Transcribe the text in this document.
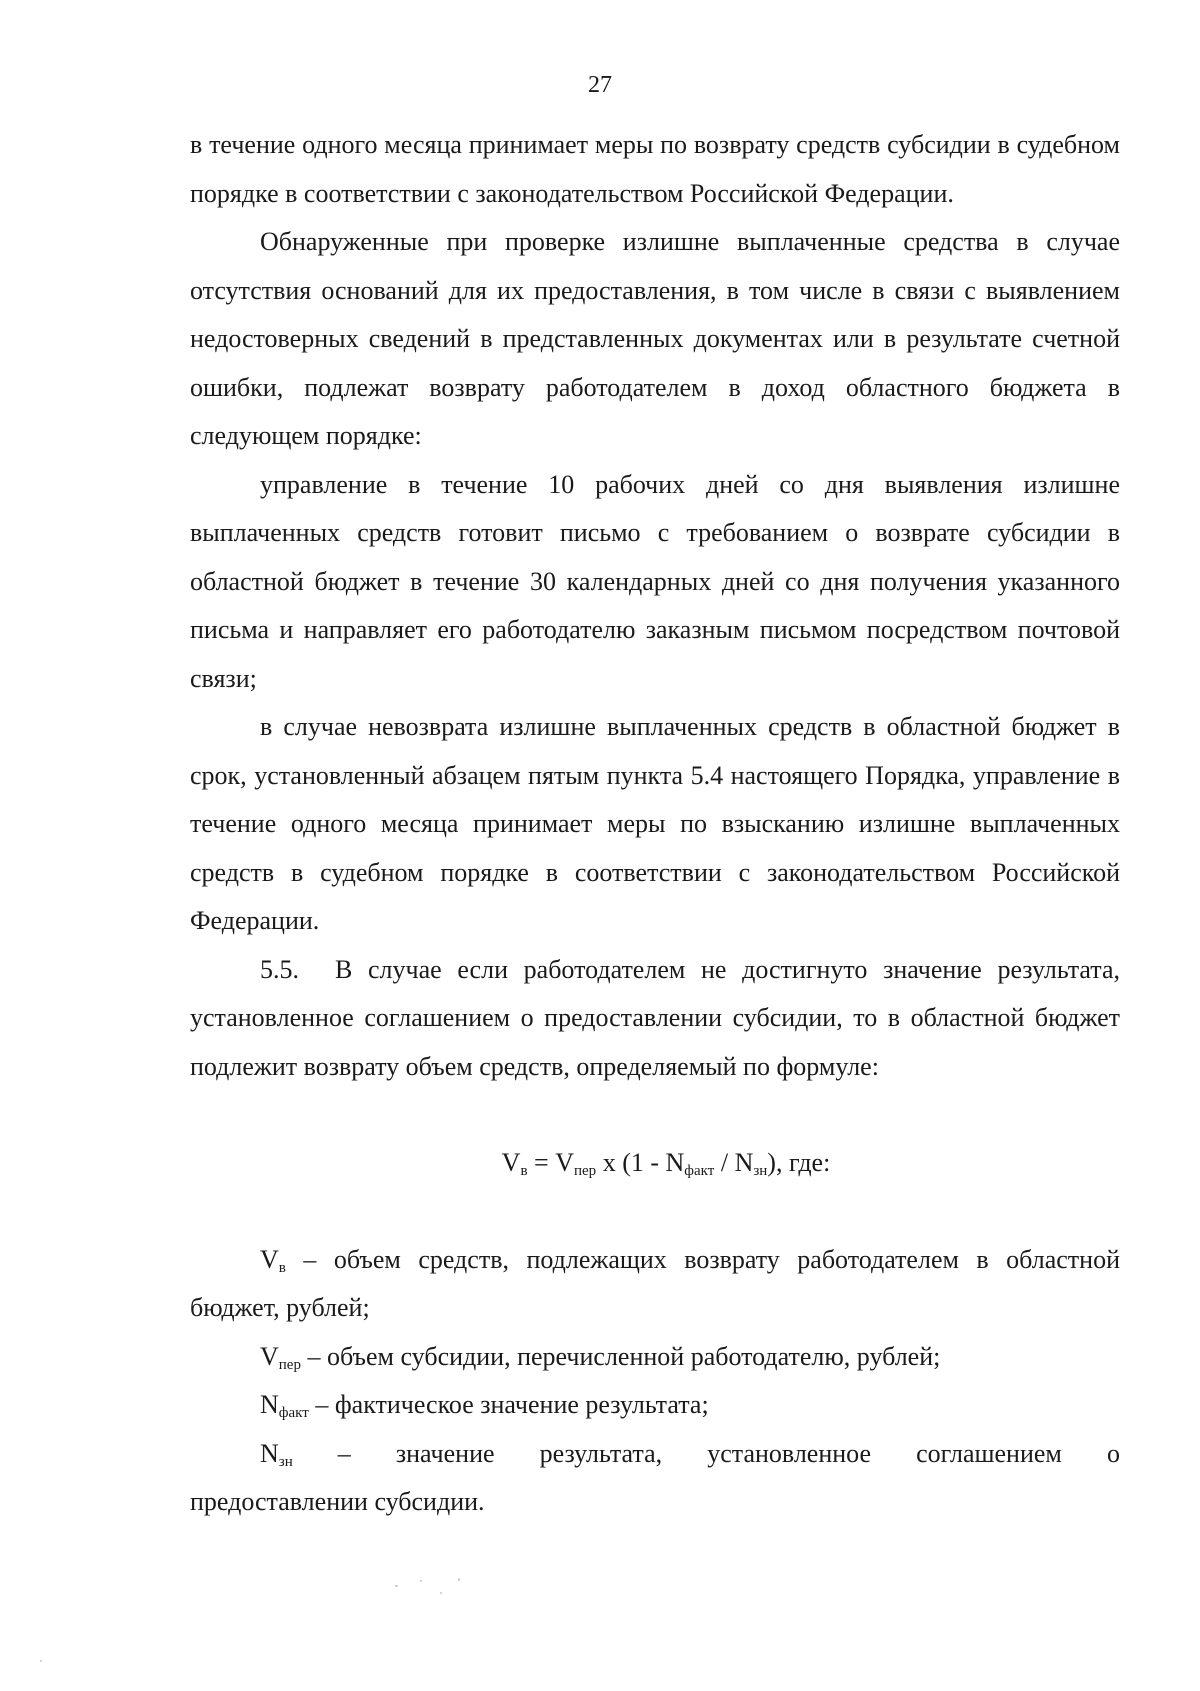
27

в течение одного месяца принимает меры по возврату средств субсидии в судебном порядке в соответствии с законодательством Российской Федерации.

Обнаруженные при проверке излишне выплаченные средства в случае отсутствия оснований для их предоставления, в том числе в связи с выявлением недостоверных сведений в представленных документах или в результате счетной ошибки, подлежат возврату работодателем в доход областного бюджета в следующем порядке:

управление в течение 10 рабочих дней со дня выявления излишне выплаченных средств готовит письмо с требованием о возврате субсидии в областной бюджет в течение 30 календарных дней со дня получения указанного письма и направляет его работодателю заказным письмом посредством почтовой связи;

в случае невозврата излишне выплаченных средств в областной бюджет в срок, установленный абзацем пятым пункта 5.4 настоящего Порядка, управление в течение одного месяца принимает меры по взысканию излишне выплаченных средств в судебном порядке в соответствии с законодательством Российской Федерации.

5.5. В случае если работодателем не достигнуто значение результата, установленное соглашением о предоставлении субсидии, то в областной бюджет подлежит возврату объем средств, определяемый по формуле:

$V_в = V_{пер}$ х $(1 - N_{факт} / N_{зн})$, где:

$V_в$ – объем средств, подлежащих возврату работодателем в областной бюджет, рублей;

$V_{пер}$ – объем субсидии, перечисленной работодателю, рублей;

$N_{факт}$ – фактическое значение результата;

$N_{зн}$ – значение результата, установленное соглашением о

предоставлении субсидии.
